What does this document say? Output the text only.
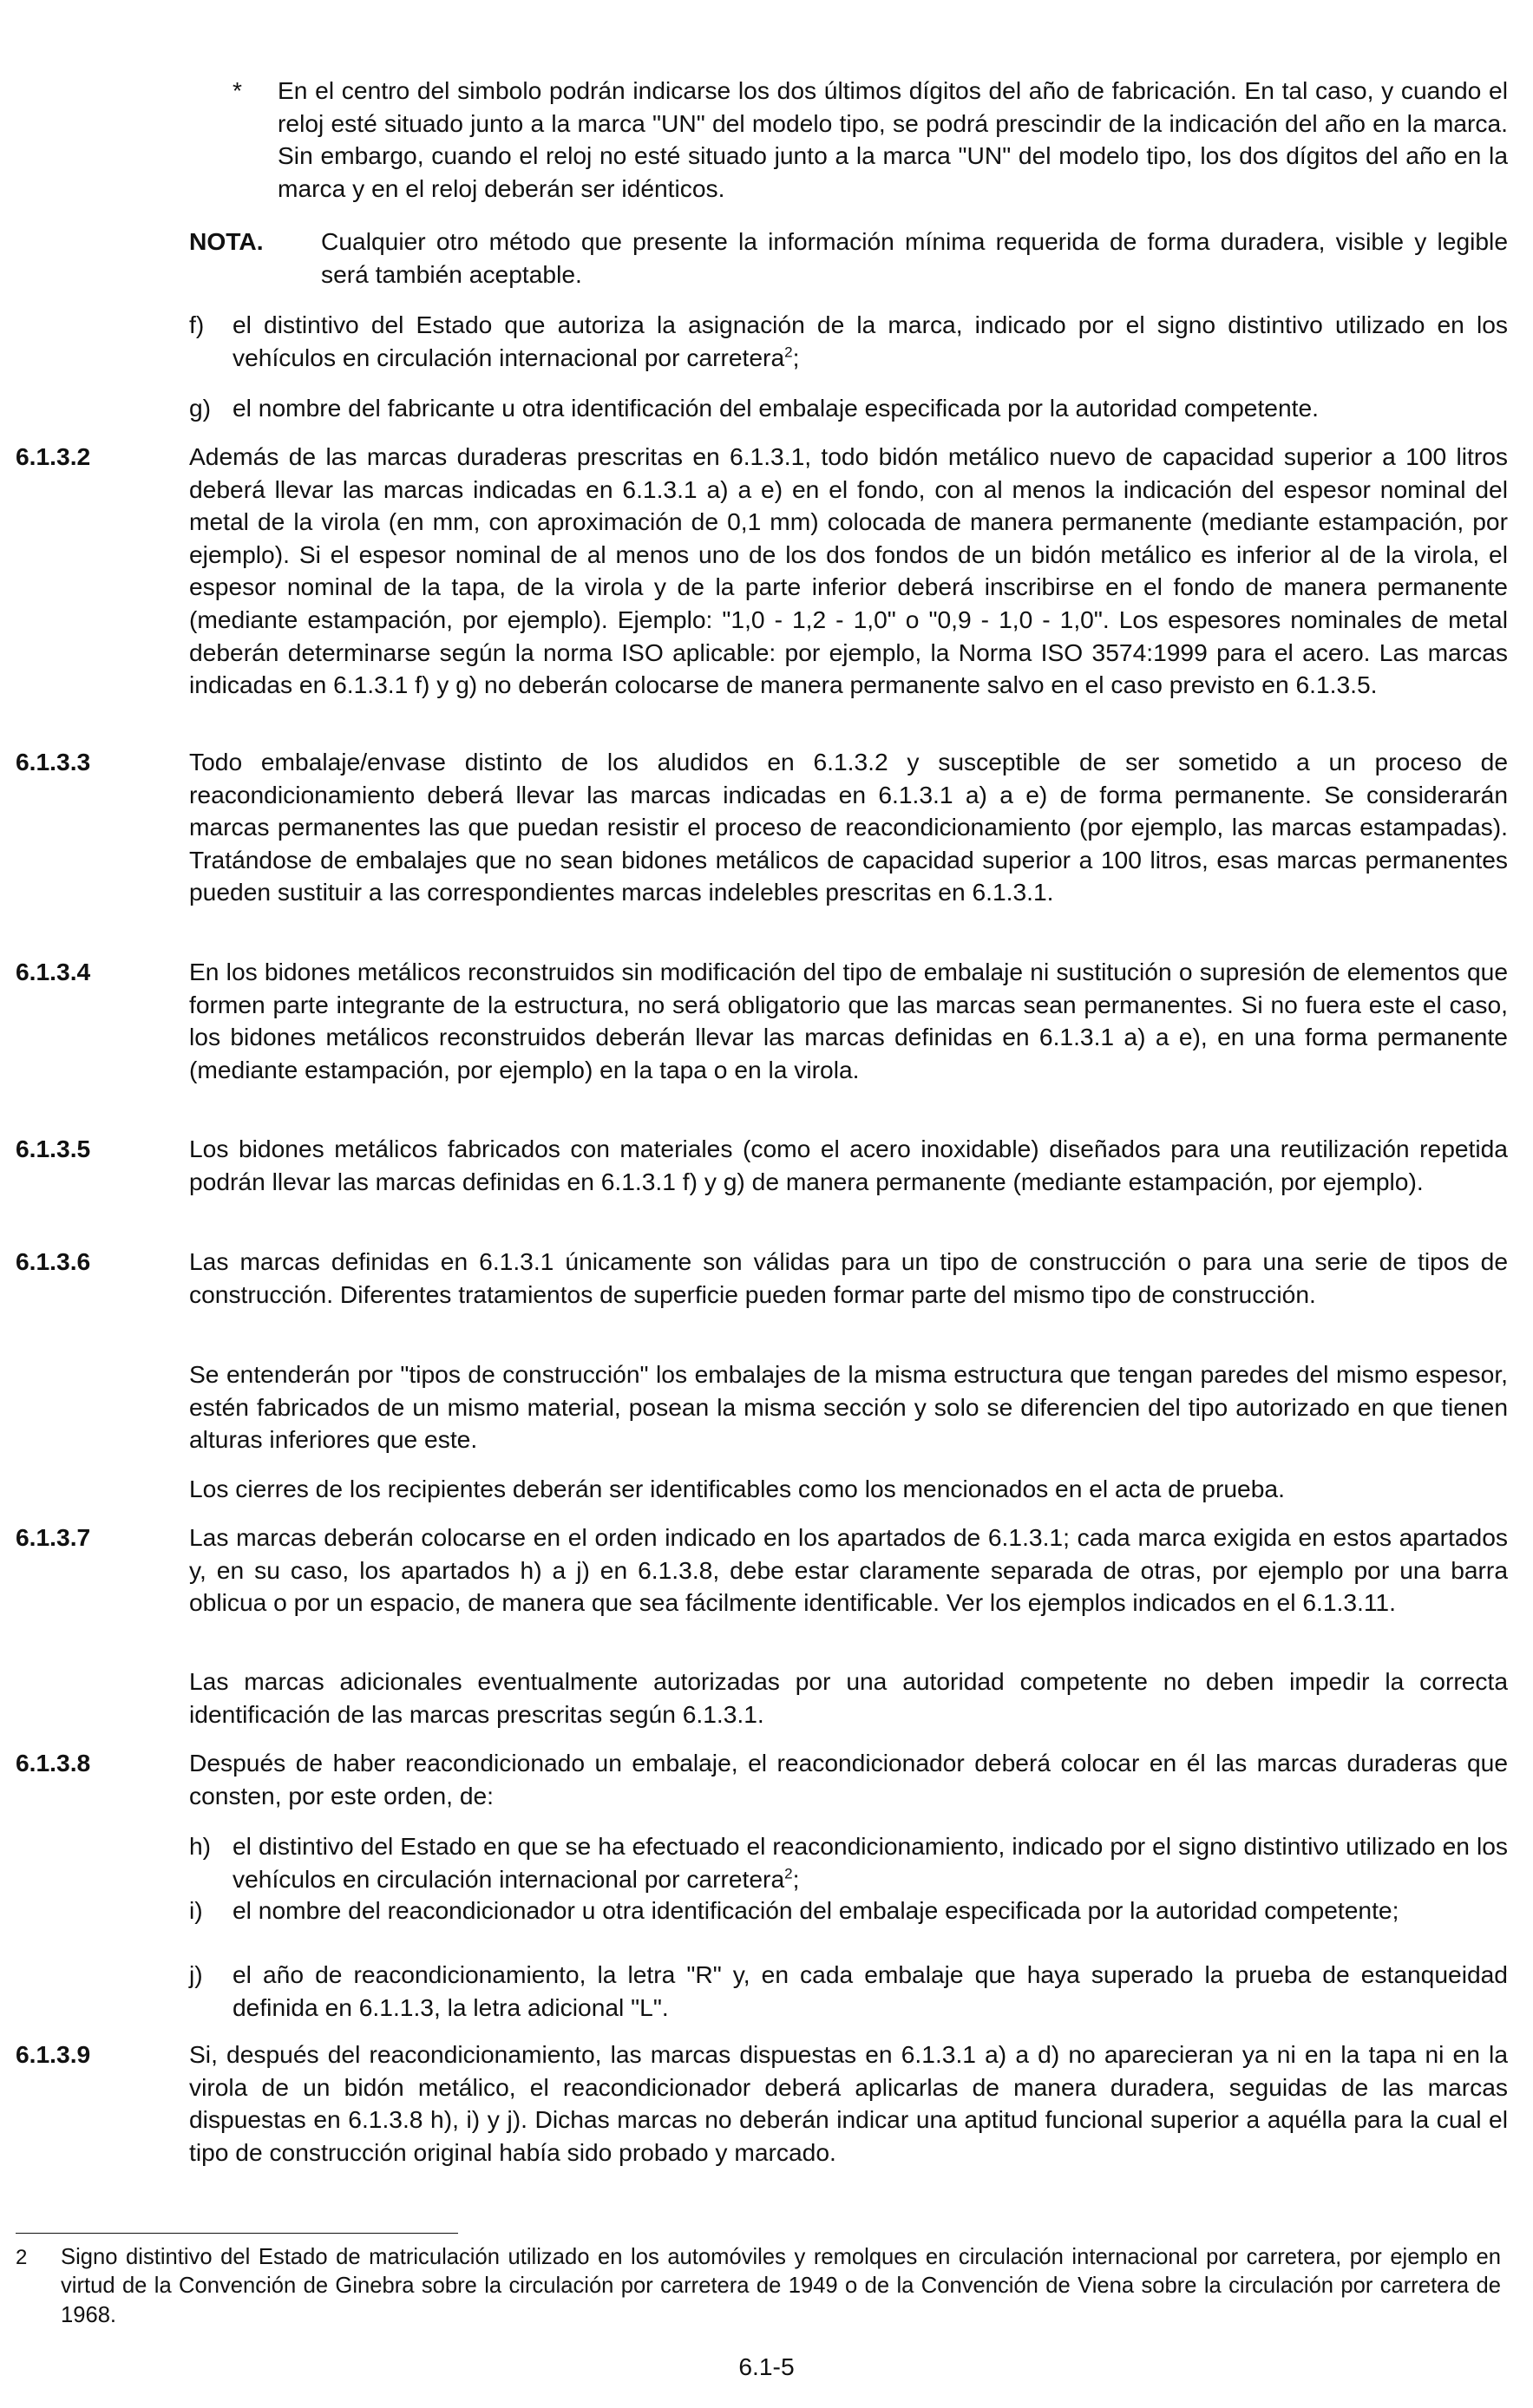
* En el centro del simbolo podrán indicarse los dos últimos dígitos del año de fabricación. En tal caso, y cuando el reloj esté situado junto a la marca "UN" del modelo tipo, se podrá prescindir de la indicación del año en la marca. Sin embargo, cuando el reloj no esté situado junto a la marca "UN" del modelo tipo, los dos dígitos del año en la marca y en el reloj deberán ser idénticos.

NOTA. Cualquier otro método que presente la información mínima requerida de forma duradera, visible y legible será también aceptable.

f) el distintivo del Estado que autoriza la asignación de la marca, indicado por el signo distintivo utilizado en los vehículos en circulación internacional por carretera$^2$;

g) el nombre del fabricante u otra identificación del embalaje especificada por la autoridad competente.

6.1.3.2	Además de las marcas duraderas prescritas en 6.1.3.1, todo bidón metálico nuevo de capacidad superior a 100 litros deberá llevar las marcas indicadas en 6.1.3.1 a) a e) en el fondo, con al menos la indicación del espesor nominal del metal de la virola (en mm, con aproximación de 0,1 mm) colocada de manera permanente (mediante estampación, por ejemplo). Si el espesor nominal de al menos uno de los dos fondos de un bidón metálico es inferior al de la virola, el espesor nominal de la tapa, de la virola y de la parte inferior deberá inscribirse en el fondo de manera permanente (mediante estampación, por ejemplo). Ejemplo: "1,0 - 1,2 - 1,0" o "0,9 - 1,0 - 1,0". Los espesores nominales de metal deberán determinarse según la norma ISO aplicable: por ejemplo, la Norma ISO 3574:1999 para el acero. Las marcas indicadas en 6.1.3.1 f) y g) no deberán colocarse de manera permanente salvo en el caso previsto en 6.1.3.5.

6.1.3.3	Todo embalaje/envase distinto de los aludidos en 6.1.3.2 y susceptible de ser sometido a un proceso de reacondicionamiento deberá llevar las marcas indicadas en 6.1.3.1 a) a e) de forma permanente. Se considerarán marcas permanentes las que puedan resistir el proceso de reacondicionamiento (por ejemplo, las marcas estampadas). Tratándose de embalajes que no sean bidones metálicos de capacidad superior a 100 litros, esas marcas permanentes pueden sustituir a las correspondientes marcas indelebles prescritas en 6.1.3.1.

6.1.3.4	En los bidones metálicos reconstruidos sin modificación del tipo de embalaje ni sustitución o supresión de elementos que formen parte integrante de la estructura, no será obligatorio que las marcas sean permanentes. Si no fuera este el caso, los bidones metálicos reconstruidos deberán llevar las marcas definidas en 6.1.3.1 a) a e), en una forma permanente (mediante estampación, por ejemplo) en la tapa o en la virola.

6.1.3.5	Los bidones metálicos fabricados con materiales (como el acero inoxidable) diseñados para una reutilización repetida podrán llevar las marcas definidas en 6.1.3.1 f) y g) de manera permanente (mediante estampación, por ejemplo).

6.1.3.6	Las marcas definidas en 6.1.3.1 únicamente son válidas para un tipo de construcción o para una serie de tipos de construcción. Diferentes tratamientos de superficie pueden formar parte del mismo tipo de construcción.

Se entenderán por "tipos de construcción" los embalajes de la misma estructura que tengan paredes del mismo espesor, estén fabricados de un mismo material, posean la misma sección y solo se diferencien del tipo autorizado en que tienen alturas inferiores que este.

Los cierres de los recipientes deberán ser identificables como los mencionados en el acta de prueba.

6.1.3.7	Las marcas deberán colocarse en el orden indicado en los apartados de 6.1.3.1; cada marca exigida en estos apartados y, en su caso, los apartados h) a j) en 6.1.3.8, debe estar claramente separada de otras, por ejemplo por una barra oblicua o por un espacio, de manera que sea fácilmente identificable. Ver los ejemplos indicados en el 6.1.3.11.

Las marcas adicionales eventualmente autorizadas por una autoridad competente no deben impedir la correcta identificación de las marcas prescritas según 6.1.3.1.

6.1.3.8	Después de haber reacondicionado un embalaje, el reacondicionador deberá colocar en él las marcas duraderas que consten, por este orden, de:

h) el distintivo del Estado en que se ha efectuado el reacondicionamiento, indicado por el signo distintivo utilizado en los vehículos en circulación internacional por carretera$^2$;

i) el nombre del reacondicionador u otra identificación del embalaje especificada por la autoridad competente;

j) el año de reacondicionamiento, la letra "R" y, en cada embalaje que haya superado la prueba de estanqueidad definida en 6.1.1.3, la letra adicional "L".

6.1.3.9	Si, después del reacondicionamiento, las marcas dispuestas en 6.1.3.1 a) a d) no aparecieran ya ni en la tapa ni en la virola de un bidón metálico, el reacondicionador deberá aplicarlas de manera duradera, seguidas de las marcas dispuestas en 6.1.3.8 h), i) y j). Dichas marcas no deberán indicar una aptitud funcional superior a aquélla para la cual el tipo de construcción original había sido probado y marcado.

2 Signo distintivo del Estado de matriculación utilizado en los automóviles y remolques en circulación internacional por carretera, por ejemplo en virtud de la Convención de Ginebra sobre la circulación por carretera de 1949 o de la Convención de Viena sobre la circulación por carretera de 1968.

6.1-5
